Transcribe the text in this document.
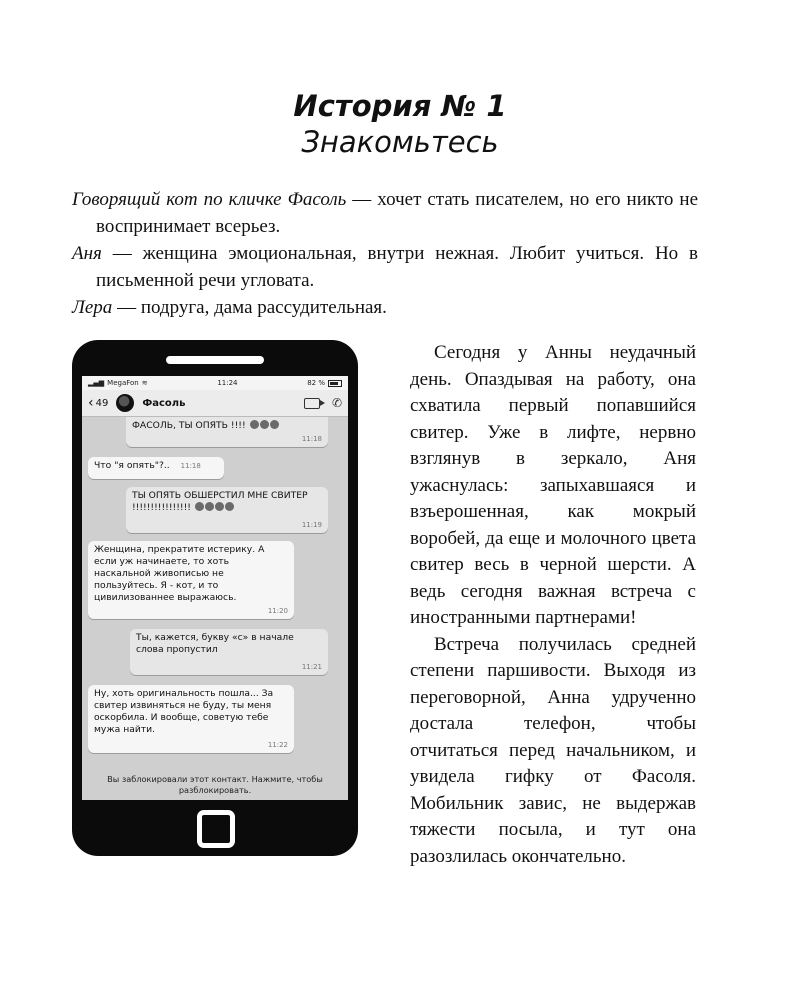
История № 1
Знакомьтесь

Говорящий кот по кличке Фасоль — хочет стать писателем, но его никто не воспринимает всерьез.

Аня — женщина эмоциональная, внутри нежная. Любит учиться. Но в письменной речи угловата.

Лера — подруга, дама рассудительная.

▂▄▆ MegaFon ≋	11:24	82 %
‹ 49	Фасоль	✆
ФАСОЛЬ, ТЫ ОПЯТЬ !!!!
11:18
Что "я опять"?.. 11:18
ТЫ ОПЯТЬ ОБШЕРСТИЛ МНЕ СВИТЕР !!!!!!!!!!!!!!!!
11:19
Женщина, прекратите истерику. А если уж начинаете, то хоть наскальной живописью не пользуйтесь. Я - кот, и то цивилизованнее выражаюсь.
11:20
Ты, кажется, букву «с» в начале слова пропустил
11:21
Ну, хоть оригинальность пошла... За свитер извиняться не буду, ты меня оскорбила. И вообще, советую тебе мужа найти.
11:22
Вы заблокировали этот контакт. Нажмите, чтобы разблокировать.

Сегодня у Анны неудачный день. Опаздывая на работу, она схватила первый попавшийся свитер. Уже в лифте, нервно взглянув в зеркало, Аня ужаснулась: запыхавшаяся и взъерошенная, как мокрый воробей, да еще и молочного цвета свитер весь в черной шерсти. А ведь сегодня важная встреча с иностранными партнерами!

Встреча получилась средней степени паршивости. Выходя из переговорной, Анна удрученно достала телефон, чтобы отчитаться перед начальником, и увидела гифку от Фасоля. Мобильник завис, не выдержав тяжести посыла, и тут она разозлилась окончательно.
